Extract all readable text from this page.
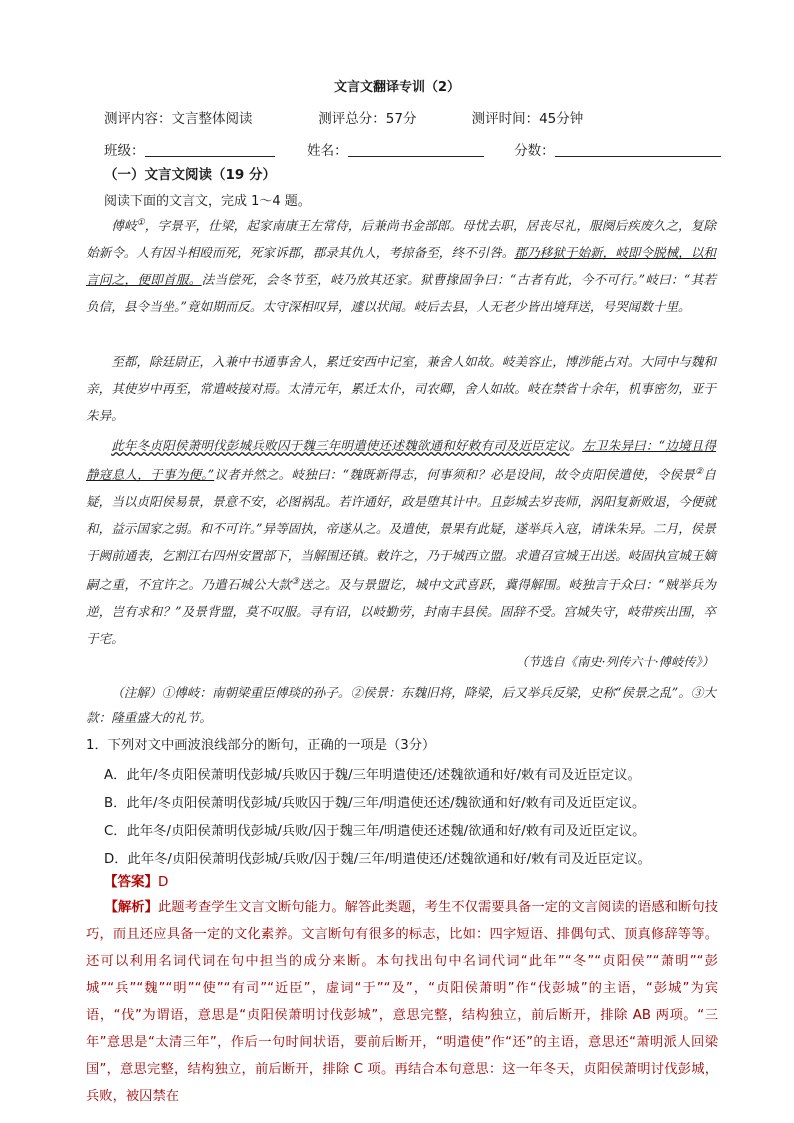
文言文翻译专训（2）
测评内容：文言整体阅读	测评总分：57分	测评时间：45分钟
班级：	姓名：	分数：
（一）文言文阅读（19 分）
阅读下面的文言文，完成 1～4 题。

傅岐①，字景平，仕梁，起家南康王左常侍，后兼尚书金部郎。母忧去职，居丧尽礼，服阕后疾废久之，复除始新令。人有因斗相殴而死，死家诉郡，郡录其仇人，考掠备至，终不引咎。郡乃移狱于始新，岐即令脱械，以和言问之，便即首服。法当偿死，会冬节至，岐乃放其还家。狱曹掾固争曰：“古者有此，今不可行。”岐曰：“其若负信，县令当坐。”竟如期而反。太守深相叹异，遽以状闻。岐后去县，人无老少皆出境拜送，号哭闻数十里。

至都，除廷尉正，入兼中书通事舍人，累迁安西中记室，兼舍人如故。岐美容止，博涉能占对。大同中与魏和亲，其使岁中再至，常遣岐接对焉。太清元年，累迁太仆，司农卿，舍人如故。岐在禁省十余年，机事密勿，亚于朱异。

此年冬贞阳侯萧明伐彭城兵败囚于魏三年明遣使还述魏欲通和好敕有司及近臣定议。左卫朱异曰：“边境且得静寇息人，于事为便。”议者并然之。岐独曰：“魏既新得志，何事须和？必是设间，故令贞阳侯遣使，令侯景②自疑，当以贞阳侯易景，景意不安，必图祸乱。若许通好，政是堕其计中。且彭城去岁丧师，涡阳复新败退，今便就和，益示国家之弱。和不可许。”异等固执，帝遂从之。及遣使，景果有此疑，遂举兵入寇，请诛朱异。二月，侯景于阙前通表，乞割江右四州安置部下，当解围还镇。敕许之，乃于城西立盟。求遣召宣城王出送。岐固执宣城王嫡嗣之重，不宜许之。乃遣石城公大款③送之。及与景盟讫，城中文武喜跃，冀得解围。岐独言于众曰：“贼举兵为逆，岂有求和？”及景背盟，莫不叹服。寻有诏，以岐勤劳，封南丰县侯。固辞不受。宫城失守，岐带疾出围，卒于宅。

（节选自《南史·列传六十·傅岐传》）
（注解）①傅岐：南朝梁重臣傅琰的孙子。②侯景：东魏旧将，降梁，后又举兵反梁，史称“侯景之乱”。③大款：隆重盛大的礼节。
1．下列对文中画波浪线部分的断句，正确的一项是（3分）
A．此年/冬贞阳侯萧明伐彭城/兵败囚于魏/三年明遣使还/述魏欲通和好/敕有司及近臣定议。
B．此年/冬贞阳侯萧明伐彭城/兵败囚于魏/三年/明遣使还述/魏欲通和好/敕有司及近臣定议。
C．此年冬/贞阳侯萧明伐彭城/兵败/囚于魏三年/明遣使还述魏/欲通和好/敕有司及近臣定议。
D．此年冬/贞阳侯萧明伐彭城/兵败/囚于魏/三年/明遣使还/述魏欲通和好/敕有司及近臣定议。
【答案】D
【解析】此题考查学生文言文断句能力。解答此类题，考生不仅需要具备一定的文言阅读的语感和断句技巧，而且还应具备一定的文化素养。文言断句有很多的标志，比如：四字短语、排偶句式、顶真修辞等等。还可以利用名词代词在句中担当的成分来断。本句找出句中名词代词“此年”“冬”“贞阳侯”“萧明”“彭城”“兵”“魏”“明”“使”“有司”“近臣”，虚词“于”“及”，“贞阳侯萧明”作“伐彭城”的主语，“彭城”为宾语，“伐”为谓语，意思是“贞阳侯萧明讨伐彭城”，意思完整，结构独立，前后断开，排除 AB 两项。“三年”意思是“太清三年”，作后一句时间状语，要前后断开，“明遣使”作“还”的主语，意思还“萧明派人回梁国”，意思完整，结构独立，前后断开，排除 C 项。再结合本句意思：这一年冬天，贞阳侯萧明讨伐彭城，兵败，被囚禁在
